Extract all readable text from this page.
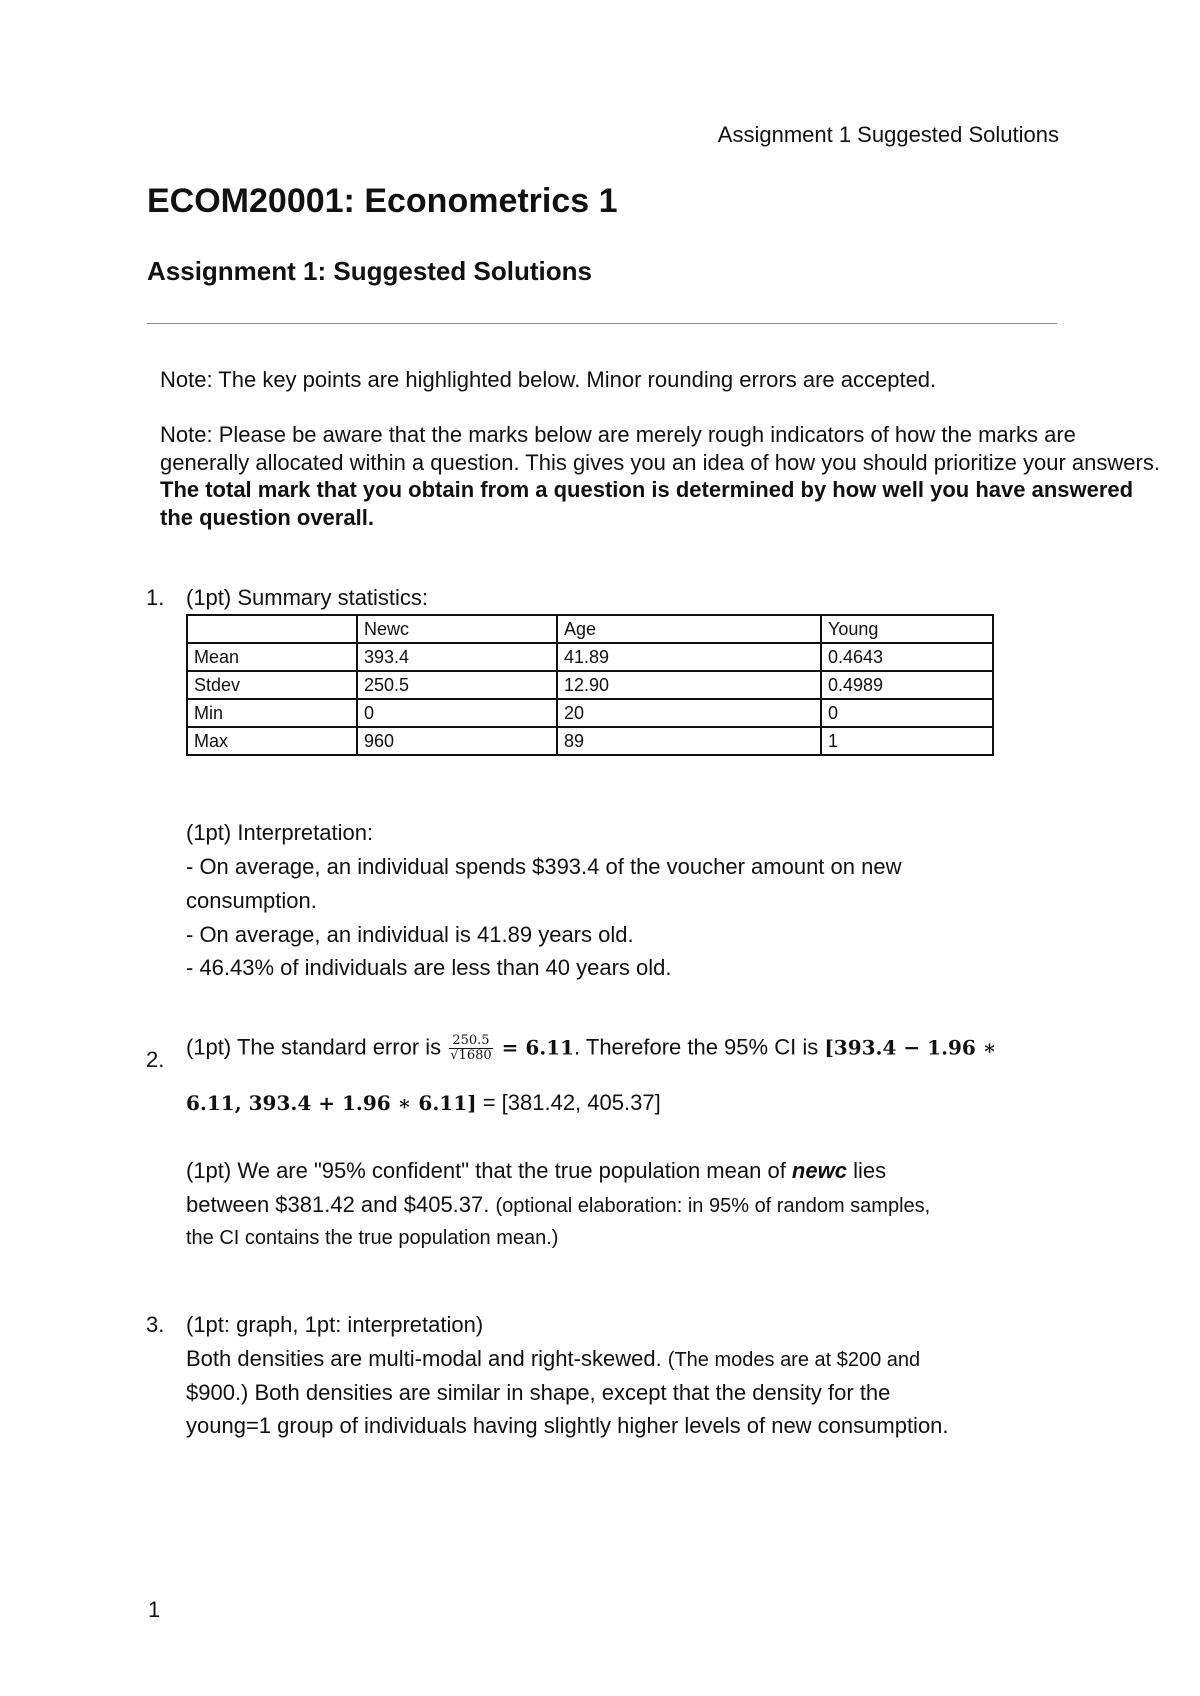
Assignment 1 Suggested Solutions
ECOM20001: Econometrics 1
Assignment 1: Suggested Solutions
Note: The key points are highlighted below. Minor rounding errors are accepted.
Note: Please be aware that the marks below are merely rough indicators of how the marks are generally allocated within a question. This gives you an idea of how you should prioritize your answers. The total mark that you obtain from a question is determined by how well you have answered the question overall.
1. (1pt) Summary statistics:
	Newc	Age	Young
Mean	393.4	41.89	0.4643
Stdev	250.5	12.90	0.4989
Min	0	20	0
Max	960	89	1
(1pt) Interpretation:
- On average, an individual spends $393.4 of the voucher amount on new
consumption.
- On average, an individual is 41.89 years old.
- 46.43% of individuals are less than 40 years old.
2.
(1pt) The standard error is $\frac{250.5}{√1680} = 6.11$. Therefore the 95% CI is [393.4 − 1.96 ∗
6.11, 393.4 + 1.96 ∗ 6.11] = [381.42, 405.37]
(1pt) We are "95% confident" that the true population mean of newc lies
between $381.42 and $405.37. (optional elaboration: in 95% of random samples,
the CI contains the true population mean.)
3. (1pt: graph, 1pt: interpretation)
Both densities are multi-modal and right-skewed. (The modes are at $200 and
$900.) Both densities are similar in shape, except that the density for the
young=1 group of individuals having slightly higher levels of new consumption.
1
